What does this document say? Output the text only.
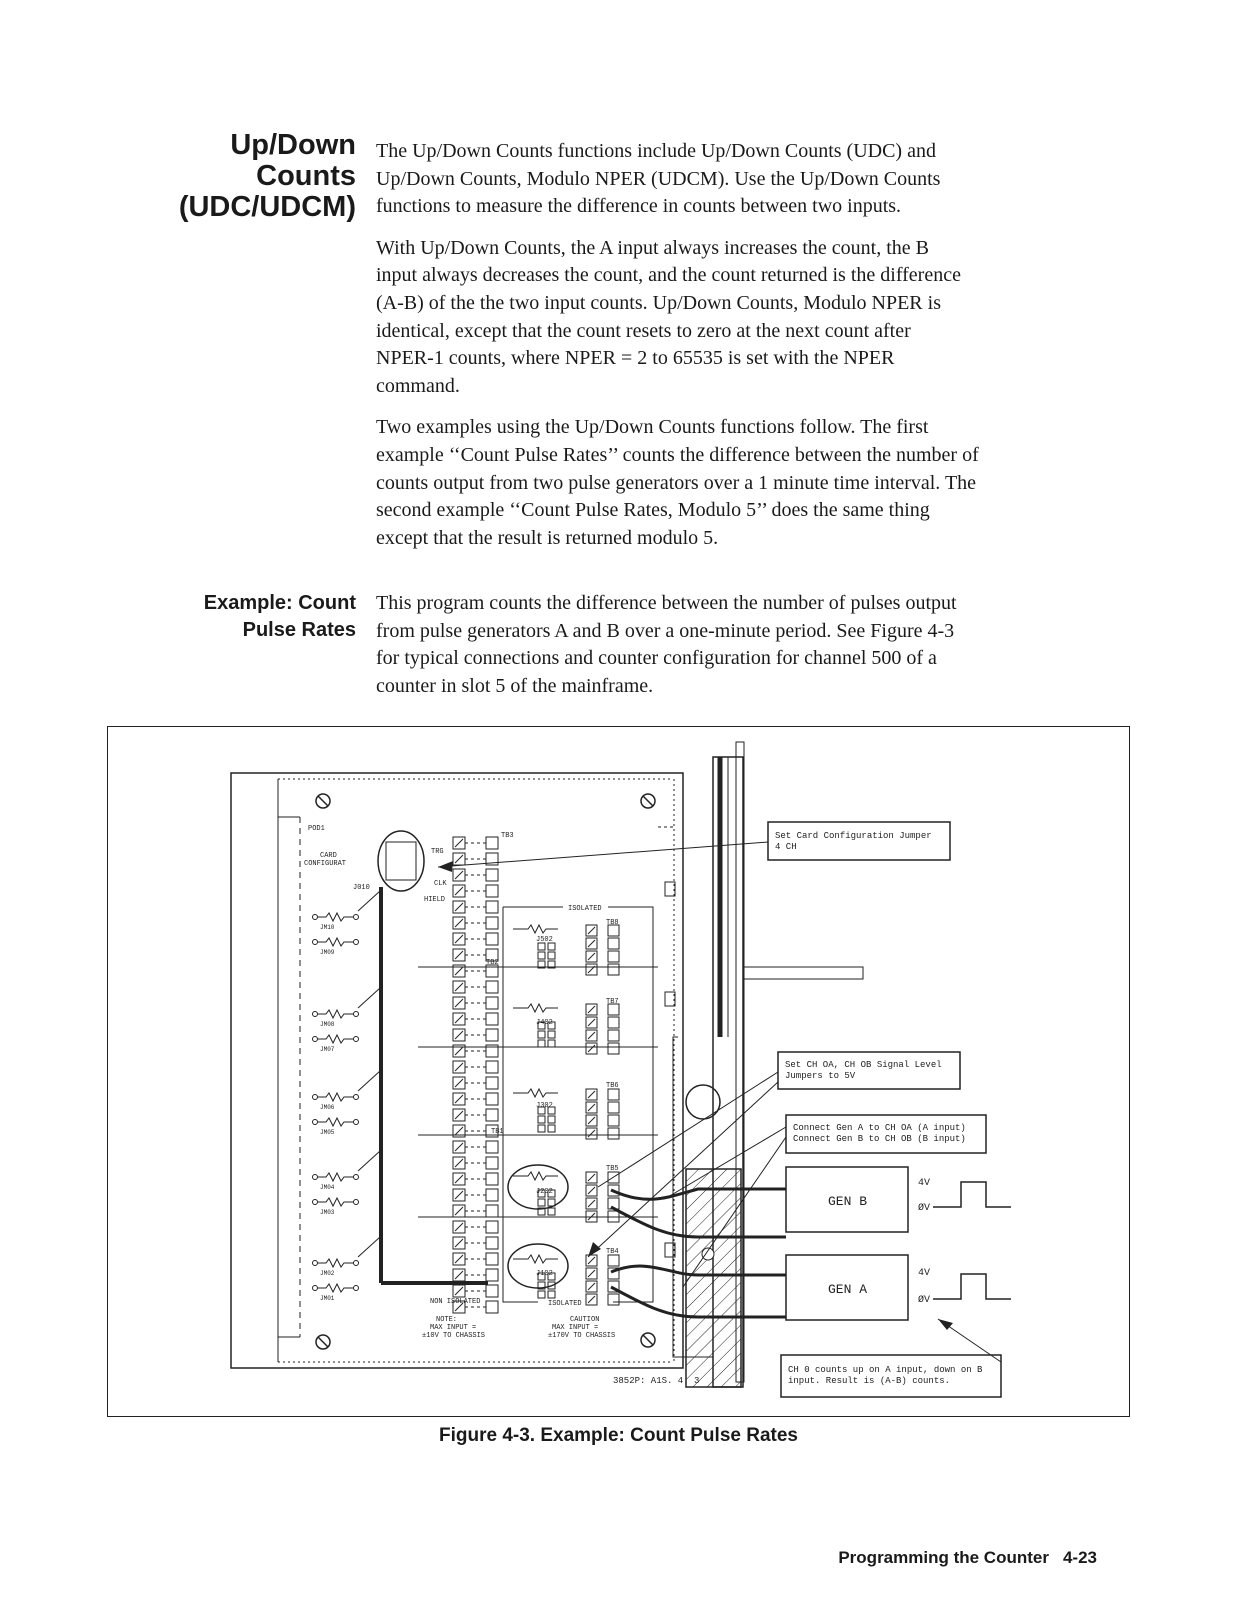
Up/Down
Counts
(UDC/UDCM)

The Up/Down Counts functions include Up/Down Counts (UDC) and
Up/Down Counts, Modulo NPER (UDCM). Use the Up/Down Counts
functions to measure the difference in counts between two inputs.

With Up/Down Counts, the A input always increases the count, the B
input always decreases the count, and the count returned is the difference
(A-B) of the the two input counts. Up/Down Counts, Modulo NPER is
identical, except that the count resets to zero at the next count after
NPER-1 counts, where NPER = 2 to 65535 is set with the NPER
command.

Two examples using the Up/Down Counts functions follow. The first
example ‘‘Count Pulse Rates’’ counts the difference between the number of
counts output from two pulse generators over a 1 minute time interval. The
second example ‘‘Count Pulse Rates, Modulo 5’’ does the same thing
except that the result is returned modulo 5.

Example: Count
Pulse Rates

This program counts the difference between the number of pulses output
from pulse generators A and B over a one-minute period. See Figure 4-3
for typical connections and counter configuration for channel 500 of a
counter in slot 5 of the mainframe.

J502
J402
J302
J202
J102
JM10
JM09
JM08
JM07
JM06
JM05
JM04
JM03
JM02
JM01
Set Card Configuration Jumper 4 CH
Set CH OA, CH OB Signal Level Jumpers to 5V
Connect Gen A to CH OA (A input) Connect Gen B to CH OB (B input)
CH 0 counts up on A input, down on B input. Result is (A-B) counts.
GEN B
GEN A
4V
ØV
4V
ØV
POD1
CARD CONFIGURAT
J010
TB3
TB2
TB1
TB8
TB7
TB6
TB5
TB4
ISOLATED
ISOLATED
NON ISOLATED
NOTE: MAX INPUT = ±10V TO CHASSIS
CAUTION MAX INPUT = ±170V TO CHASSIS
3852P: A1S. 4. 3
TRG
CLK
HIELD
Figure 4-3. Example: Count Pulse Rates
Programming the Counter 4-23
